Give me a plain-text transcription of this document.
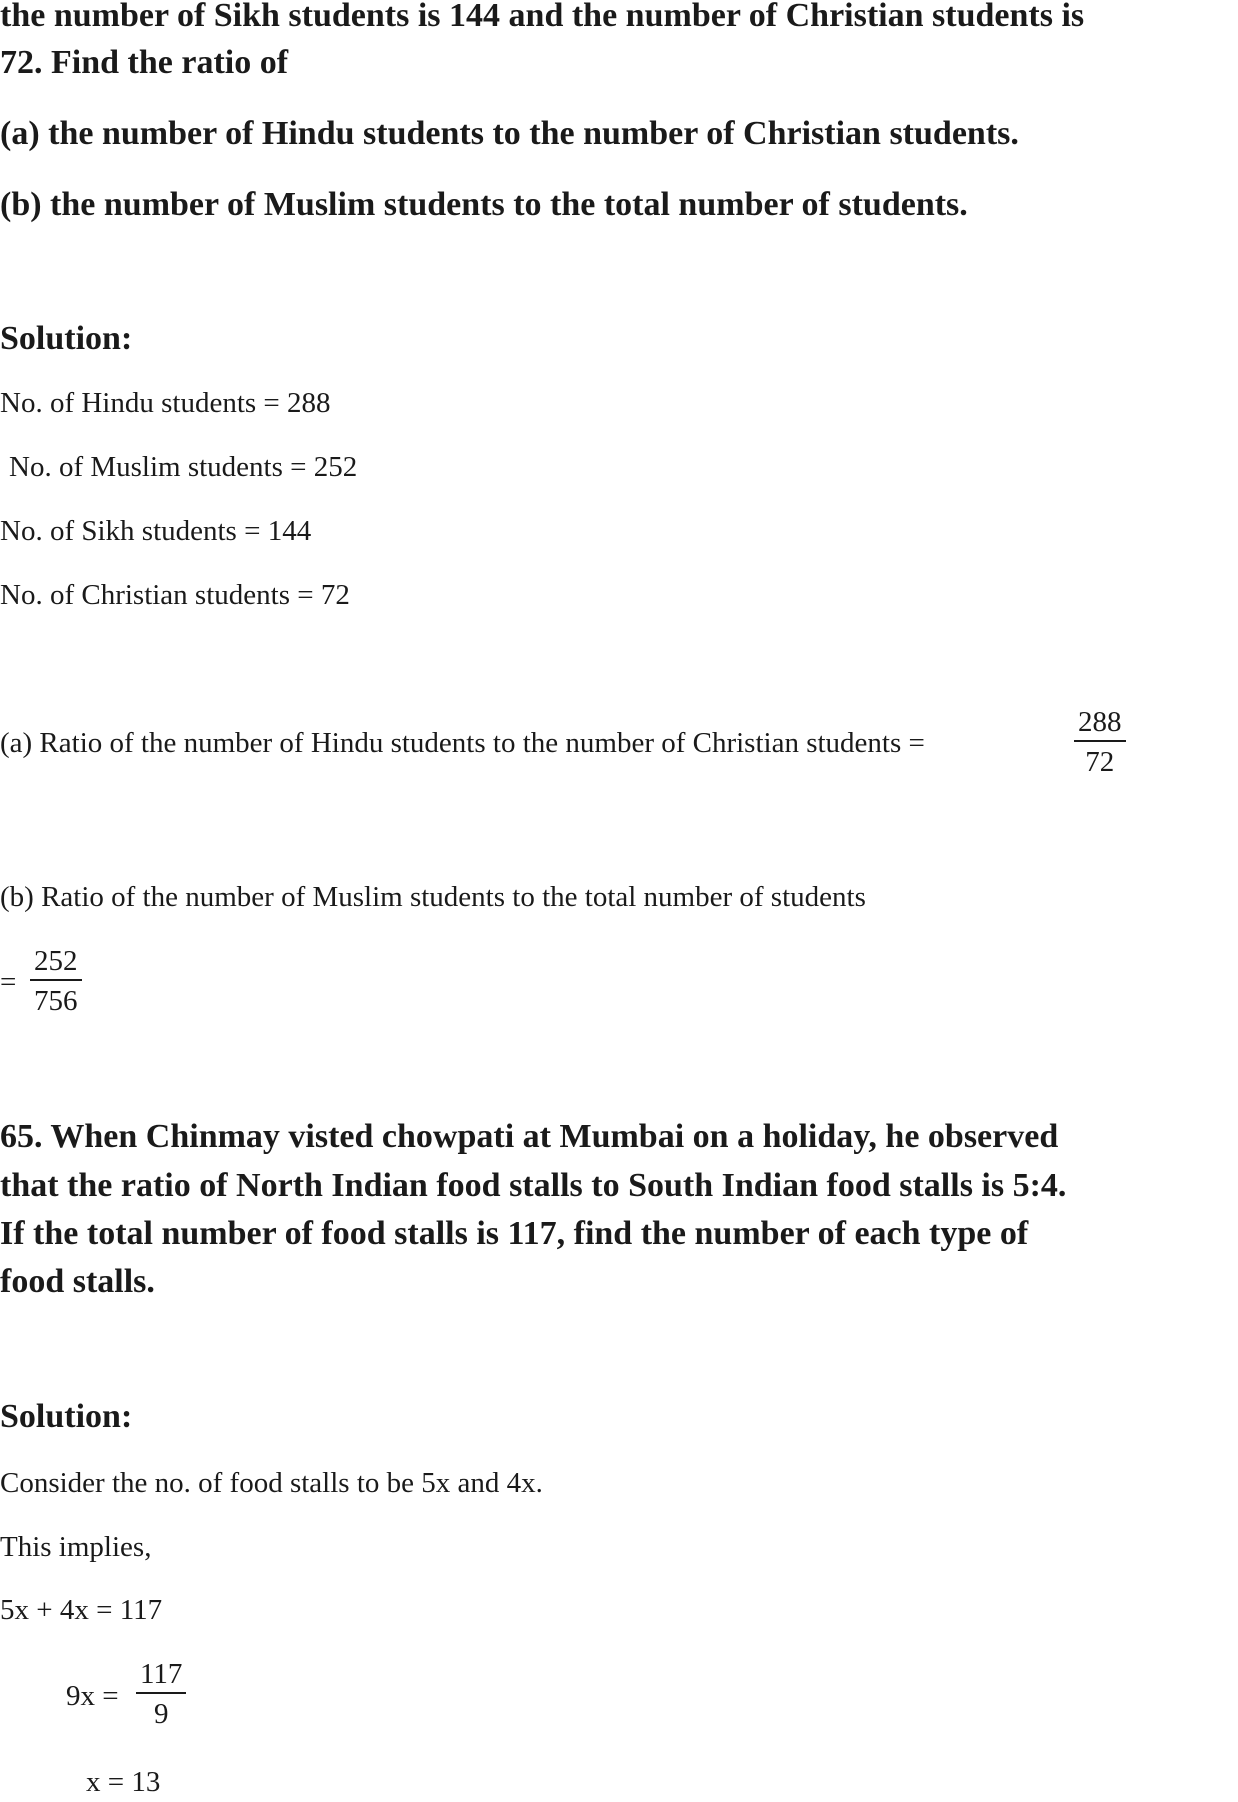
the number of Sikh students is 144 and the number of Christian students is
72. Find the ratio of
(a) the number of Hindu students to the number of Christian students.
(b) the number of Muslim students to the total number of students.
Solution:
No. of Hindu students = 288
No. of Muslim students = 252
No. of Sikh students = 144
No. of Christian students = 72
(a) Ratio of the number of Hindu students to the number of Christian students =
288
72
(b) Ratio of the number of Muslim students to the total number of students
=
252
756
65. When Chinmay visted chowpati at Mumbai on a holiday, he observed
that the ratio of North Indian food stalls to South Indian food stalls is 5:4.
If the total number of food stalls is 117, find the number of each type of
food stalls.
Solution:
Consider the no. of food stalls to be 5x and 4x.
This implies,
5x + 4x = 117
9x =
117
9
x = 13
